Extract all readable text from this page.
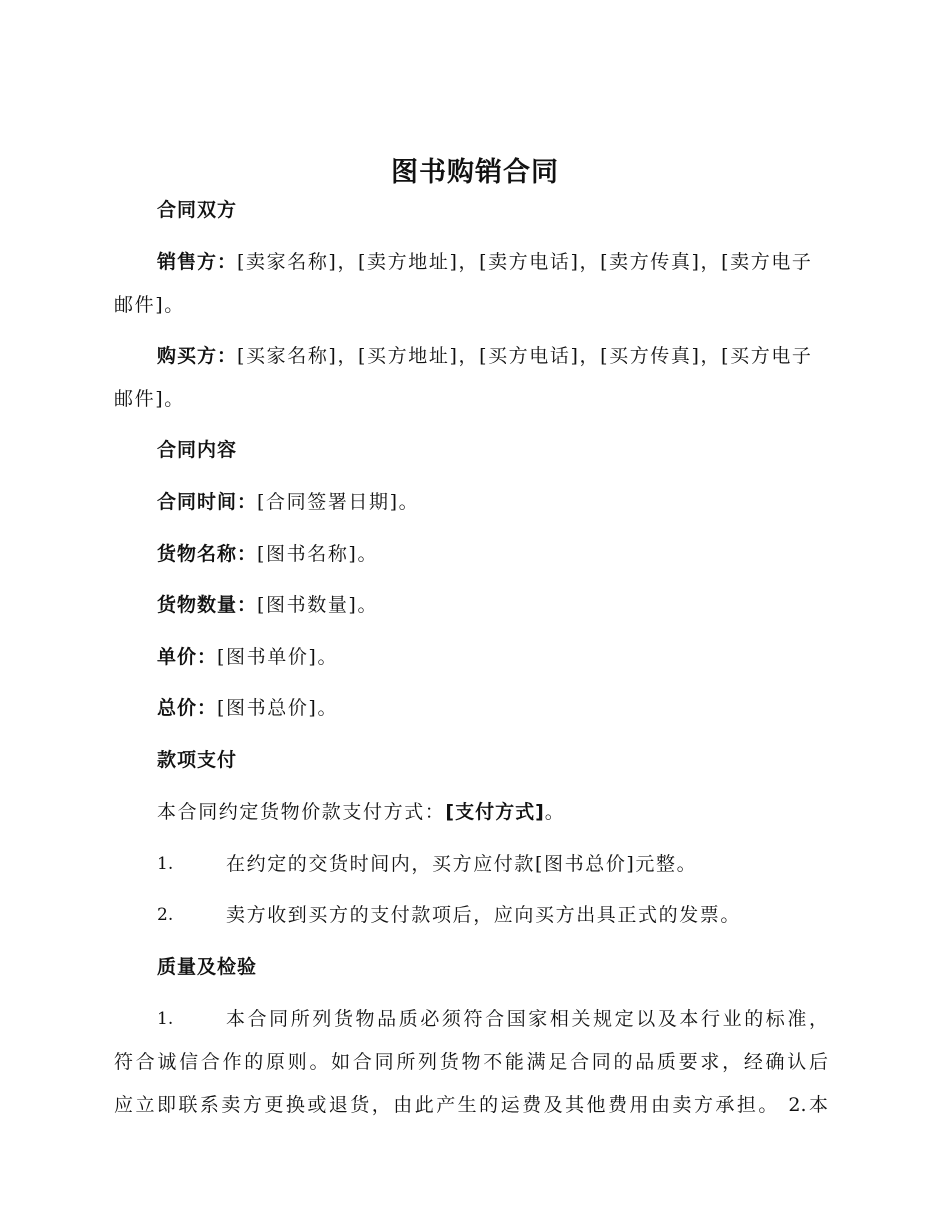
图书购销合同
合同双方
销售方：[卖家名称]，[卖方地址]，[卖方电话]，[卖方传真]，[卖方电子
邮件]。
购买方：[买家名称]，[买方地址]，[买方电话]，[买方传真]，[买方电子
邮件]。
合同内容
合同时间：[合同签署日期]。
货物名称：[图书名称]。
货物数量：[图书数量]。
单价：[图书单价]。
总价：[图书总价]。
款项支付
本合同约定货物价款支付方式：[支付方式]。
1.	在约定的交货时间内，买方应付款[图书总价]元整。
2.	卖方收到买方的支付款项后，应向买方出具正式的发票。
质量及检验
1.	本合同所列货物品质必须符合国家相关规定以及本行业的标准，
符合诚信合作的原则。如合同所列货物不能满足合同的品质要求，经确认后
应立即联系卖方更换或退货，由此产生的运费及其他费用由卖方承担。 2.本
